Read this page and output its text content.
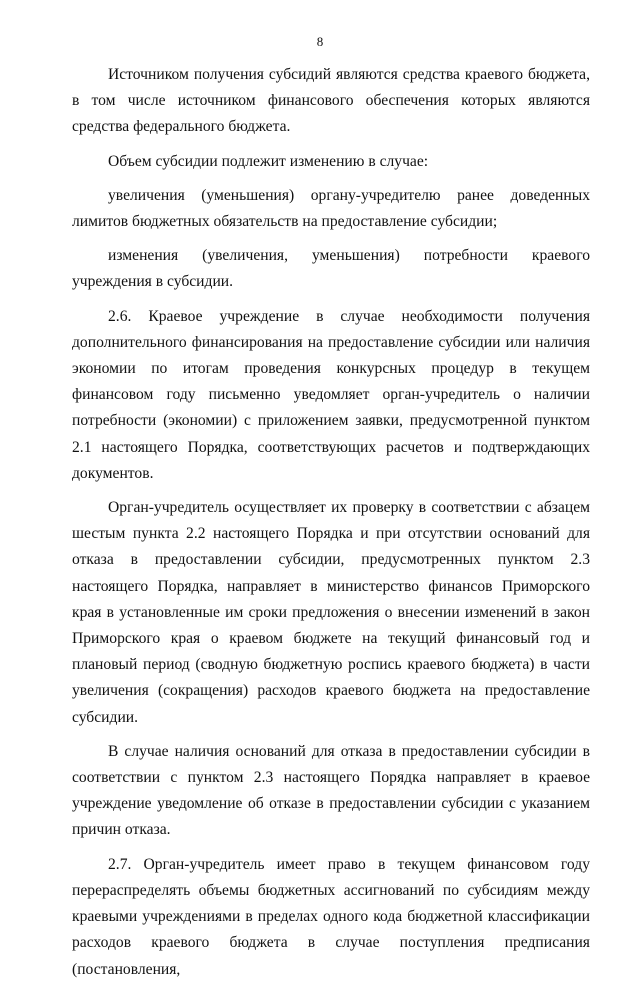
8

Источником получения субсидий являются средства краевого бюджета, в том числе источником финансового обеспечения которых являются средства федерального бюджета.

Объем субсидии подлежит изменению в случае:

увеличения (уменьшения) органу-учредителю ранее доведенных лимитов бюджетных обязательств на предоставление субсидии;

изменения (увеличения, уменьшения) потребности краевого учреждения в субсидии.

2.6. Краевое учреждение в случае необходимости получения дополнительного финансирования на предоставление субсидии или наличия экономии по итогам проведения конкурсных процедур в текущем финансовом году письменно уведомляет орган-учредитель о наличии потребности (экономии) с приложением заявки, предусмотренной пунктом 2.1 настоящего Порядка, соответствующих расчетов и подтверждающих документов.

Орган-учредитель осуществляет их проверку в соответствии с абзацем шестым пункта 2.2 настоящего Порядка и при отсутствии оснований для отказа в предоставлении субсидии, предусмотренных пунктом 2.3 настоящего Порядка, направляет в министерство финансов Приморского края в установленные им сроки предложения о внесении изменений в закон Приморского края о краевом бюджете на текущий финансовый год и плановый период (сводную бюджетную роспись краевого бюджета) в части увеличения (сокращения) расходов краевого бюджета на предоставление субсидии.

В случае наличия оснований для отказа в предоставлении субсидии в соответствии с пунктом 2.3 настоящего Порядка направляет в краевое учреждение уведомление об отказе в предоставлении субсидии с указанием причин отказа.

2.7. Орган-учредитель имеет право в текущем финансовом году перераспределять объемы бюджетных ассигнований по субсидиям между краевыми учреждениями в пределах одного кода бюджетной классификации расходов краевого бюджета в случае поступления предписания (постановления,
